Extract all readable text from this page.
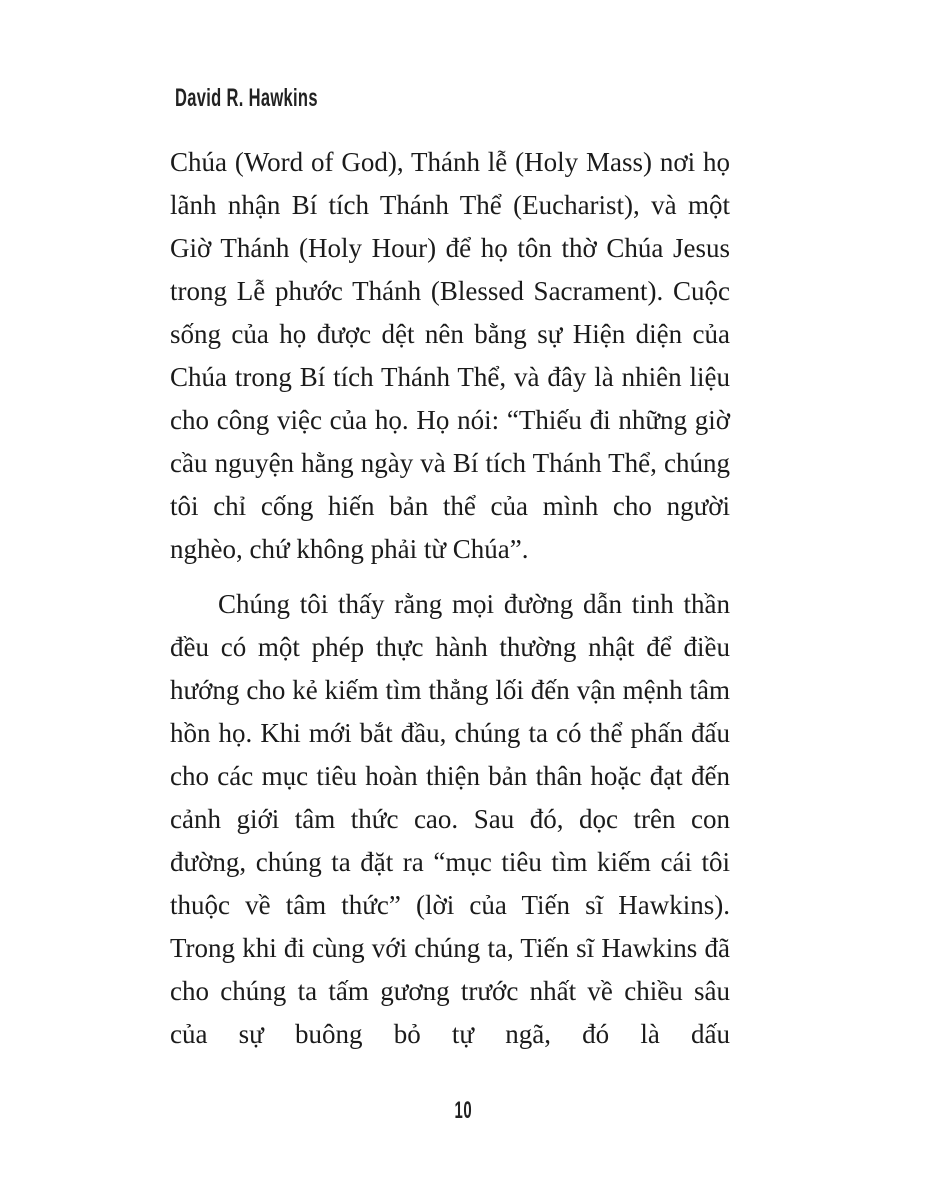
David R. Hawkins

Chúa (Word of God), Thánh lễ (Holy Mass) nơi họ lãnh nhận Bí tích Thánh Thể (Eucharist), và một Giờ Thánh (Holy Hour) để họ tôn thờ Chúa Jesus trong Lễ phước Thánh (Blessed Sacrament). Cuộc sống của họ được dệt nên bằng sự Hiện diện của Chúa trong Bí tích Thánh Thể, và đây là nhiên liệu cho công việc của họ. Họ nói: “Thiếu đi những giờ cầu nguyện hằng ngày và Bí tích Thánh Thể, chúng tôi chỉ cống hiến bản thể của mình cho người nghèo, chứ không phải từ Chúa”.

Chúng tôi thấy rằng mọi đường dẫn tinh thần đều có một phép thực hành thường nhật để điều hướng cho kẻ kiếm tìm thẳng lối đến vận mệnh tâm hồn họ. Khi mới bắt đầu, chúng ta có thể phấn đấu cho các mục tiêu hoàn thiện bản thân hoặc đạt đến cảnh giới tâm thức cao. Sau đó, dọc trên con đường, chúng ta đặt ra “mục tiêu tìm kiếm cái tôi thuộc về tâm thức” (lời của Tiến sĩ Hawkins). Trong khi đi cùng với chúng ta, Tiến sĩ Hawkins đã cho chúng ta tấm gương trước nhất về chiều sâu của sự buông bỏ tự ngã, đó là dấu

10
